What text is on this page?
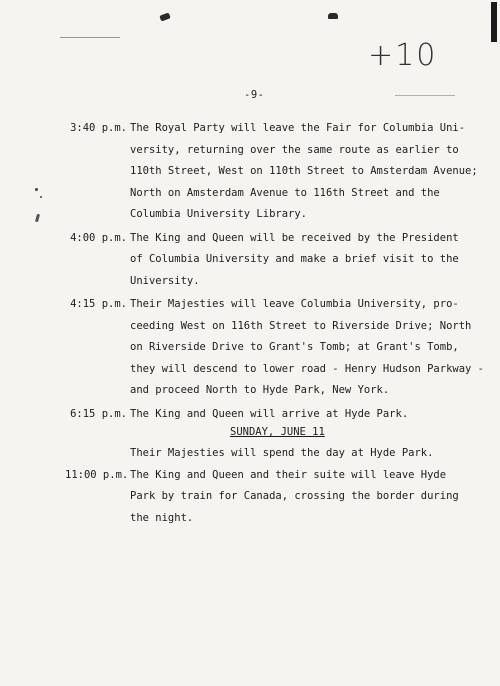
+10
-9-
3:40 p.m. The Royal Party will leave the Fair for Columbia Uni-
versity, returning over the same route as earlier to
110th Street, West on 110th Street to Amsterdam Avenue;
North on Amsterdam Avenue to 116th Street and the
Columbia University Library.
4:00 p.m. The King and Queen will be received by the President
of Columbia University and make a brief visit to the
University.
4:15 p.m. Their Majesties will leave Columbia University, pro-
ceeding West on 116th Street to Riverside Drive; North
on Riverside Drive to Grant's Tomb; at Grant's Tomb,
they will descend to lower road - Henry Hudson Parkway -
and proceed North to Hyde Park, New York.
6:15 p.m. The King and Queen will arrive at Hyde Park.
SUNDAY, JUNE 11
Their Majesties will spend the day at Hyde Park.
11:00 p.m. The King and Queen and their suite will leave Hyde
Park by train for Canada, crossing the border during
the night.
